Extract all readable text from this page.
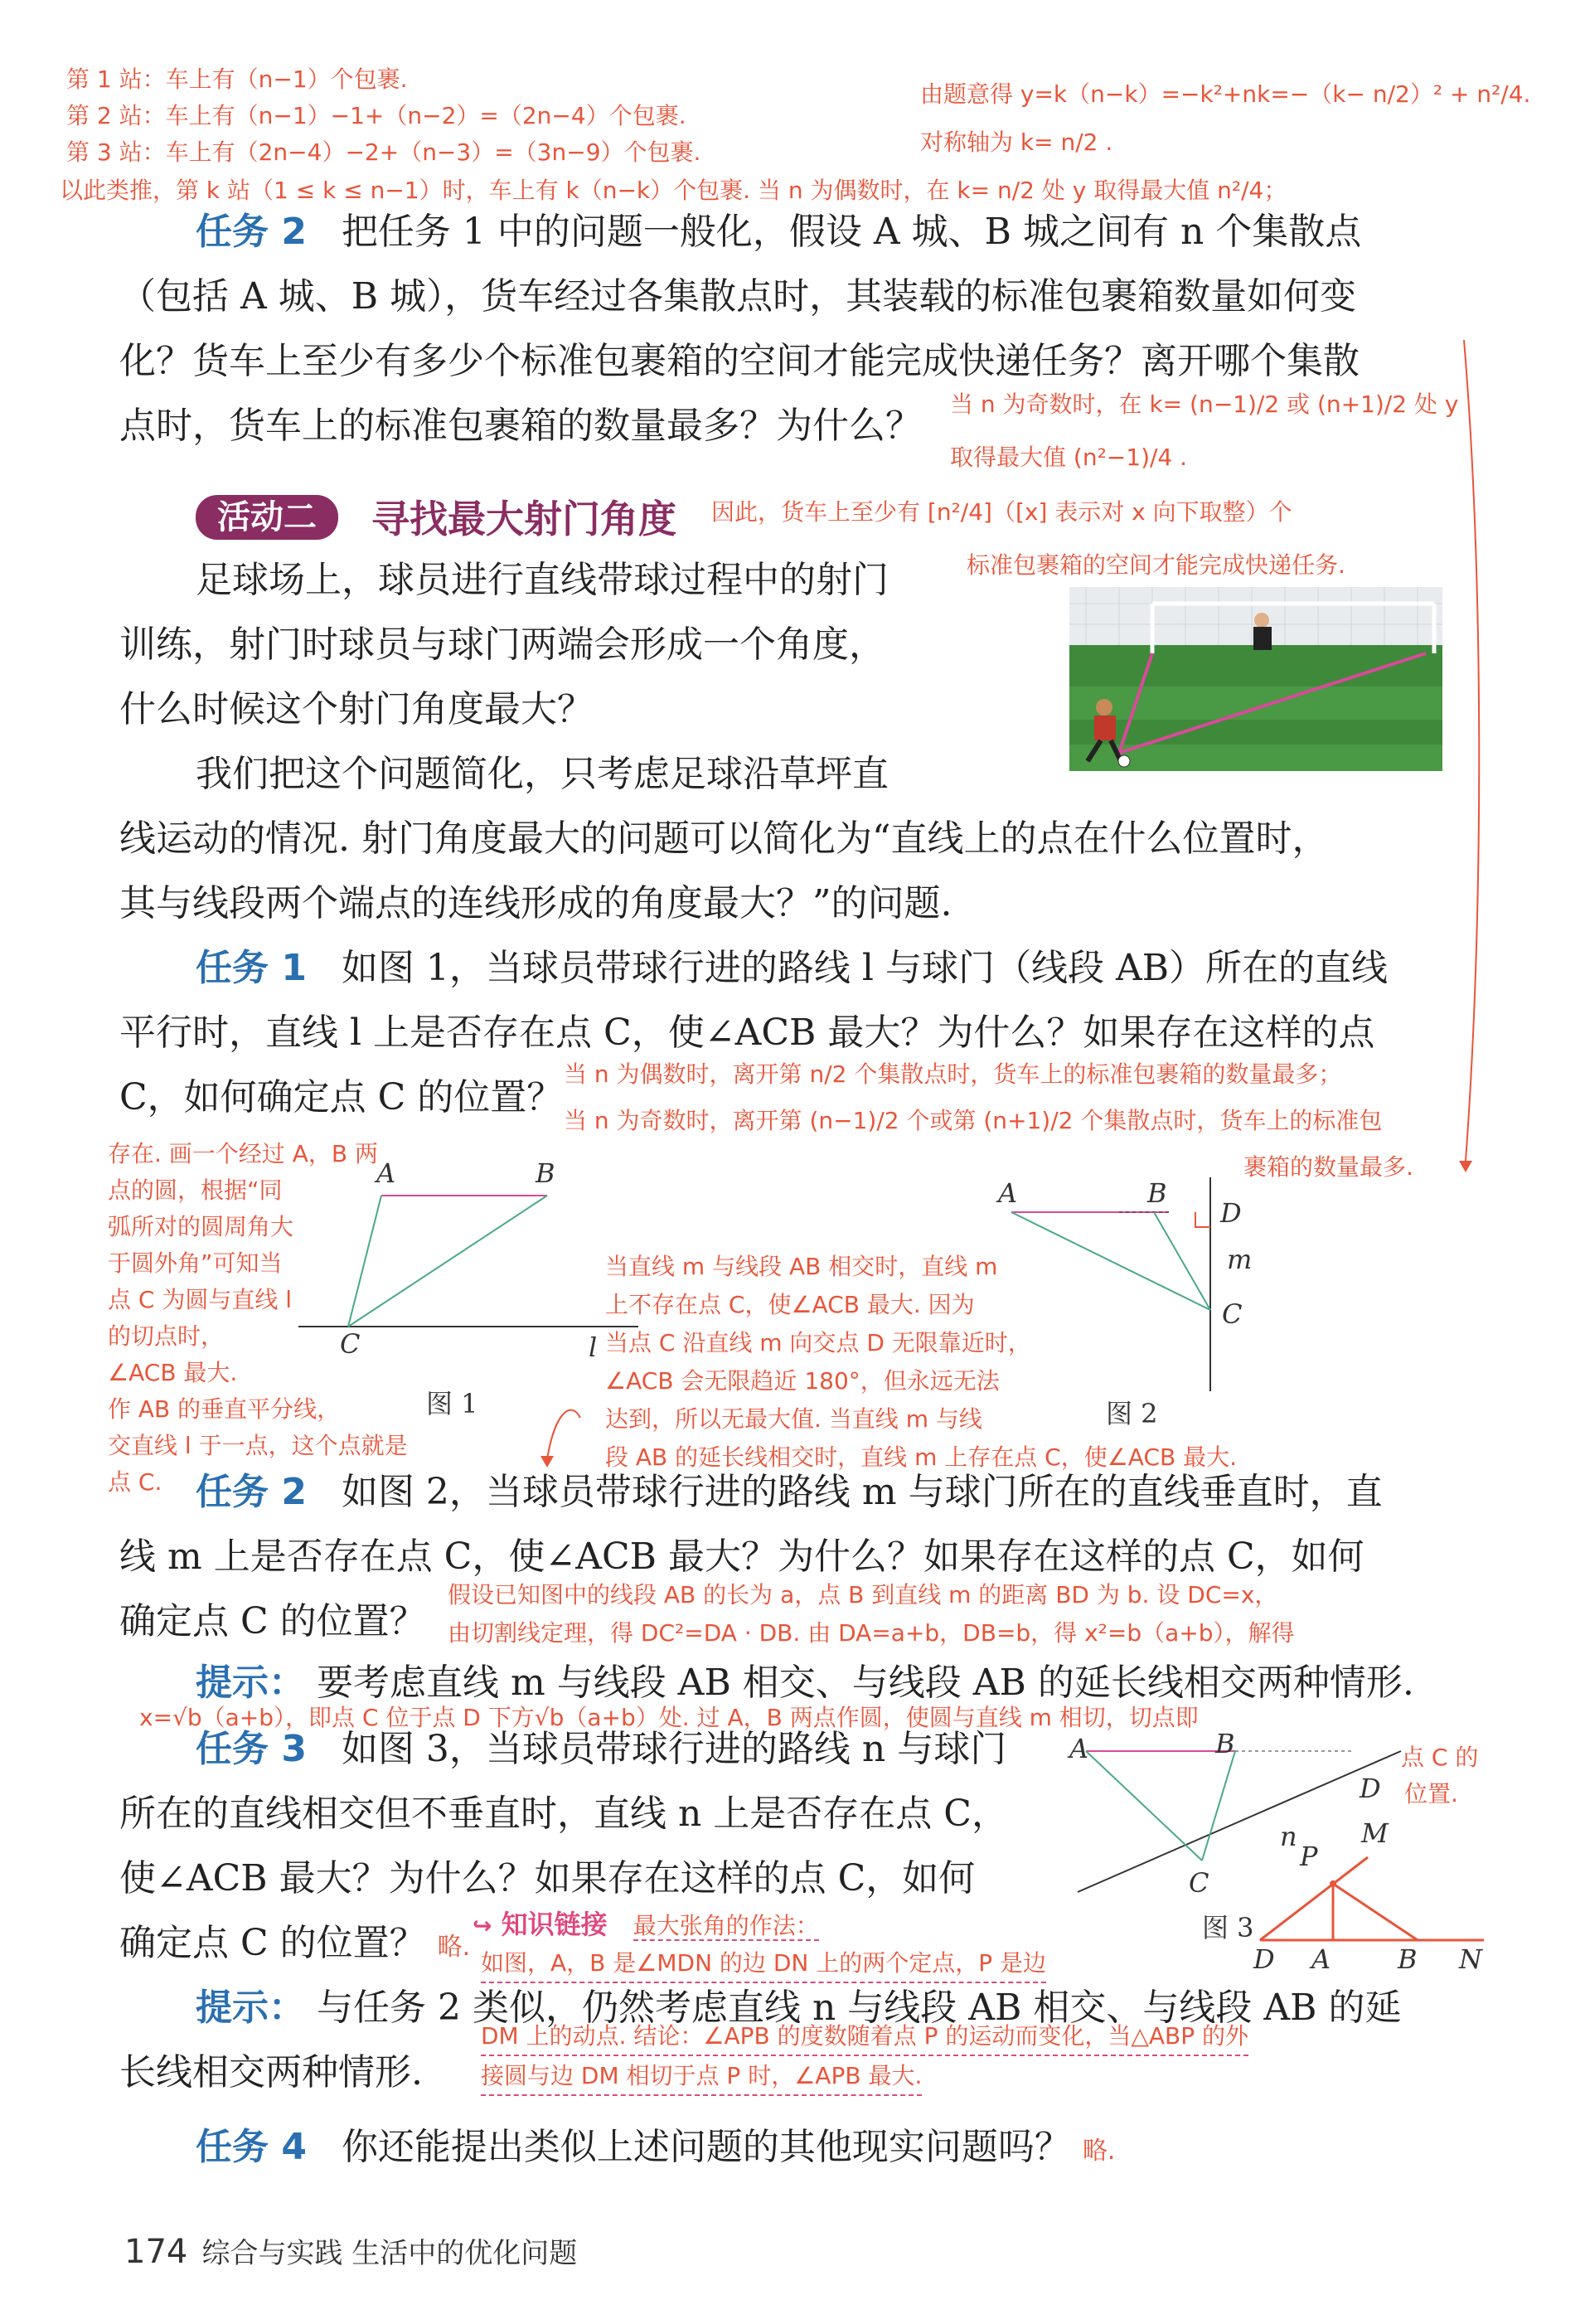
第 1 站：车上有（n−1）个包裹.
第 2 站：车上有（n−1）−1+（n−2）=（2n−4）个包裹.
第 3 站：车上有（2n−4）−2+（n−3）=（3n−9）个包裹.
以此类推，第 k 站（1 ≤ k ≤ n−1）时，车上有 k（n−k）个包裹. 当 n 为偶数时，在 k= n/2 处 y 取得最大值 n²/4；
由题意得 y=k（n−k）=−k²+nk=−（k− n/2）² + n²/4.
对称轴为 k= n/2 .
任务 2 把任务 1 中的问题一般化，假设 A 城、B 城之间有 n 个集散点
（包括 A 城、B 城），货车经过各集散点时，其装载的标准包裹箱数量如何变
化？货车上至少有多少个标准包裹箱的空间才能完成快递任务？离开哪个集散
点时，货车上的标准包裹箱的数量最多？为什么？
当 n 为奇数时，在 k= (n−1)/2 或 (n+1)/2 处 y
取得最大值 (n²−1)/4 .
活动二	寻找最大射门角度 因此，货车上至少有 [n²/4]（[x] 表示对 x 向下取整）个
标准包裹箱的空间才能完成快递任务.
足球场上，球员进行直线带球过程中的射门
训练，射门时球员与球门两端会形成一个角度，
什么时候这个射门角度最大？
我们把这个问题简化，只考虑足球沿草坪直
线运动的情况. 射门角度最大的问题可以简化为“直线上的点在什么位置时，
其与线段两个端点的连线形成的角度最大？”的问题.
任务 1 如图 1，当球员带球行进的路线 l 与球门（线段 AB）所在的直线
平行时，直线 l 上是否存在点 C，使∠ACB 最大？为什么？如果存在这样的点
C，如何确定点 C 的位置？
当 n 为偶数时，离开第 n/2 个集散点时，货车上的标准包裹箱的数量最多；
当 n 为奇数时，离开第 (n−1)/2 个或第 (n+1)/2 个集散点时，货车上的标准包
裹箱的数量最多.
存在. 画一个经过 A，B 两
点的圆，根据“同
弧所对的圆周角大
于圆外角”可知当
点 C 为圆与直线 l
的切点时，
∠ACB 最大.
作 AB 的垂直平分线，
交直线 l 于一点，这个点就是
点 C.
A	B
C	l
图 1
A	B
D
m
C
图 2
当直线 m 与线段 AB 相交时，直线 m
上不存在点 C，使∠ACB 最大. 因为
当点 C 沿直线 m 向交点 D 无限靠近时，
∠ACB 会无限趋近 180°，但永远无法
达到，所以无最大值. 当直线 m 与线
段 AB 的延长线相交时，直线 m 上存在点 C，使∠ACB 最大.
任务 2 如图 2，当球员带球行进的路线 m 与球门所在的直线垂直时，直
线 m 上是否存在点 C，使∠ACB 最大？为什么？如果存在这样的点 C，如何
确定点 C 的位置？
假设已知图中的线段 AB 的长为 a，点 B 到直线 m 的距离 BD 为 b. 设 DC=x，
由切割线定理，得 DC²=DA · DB. 由 DA=a+b，DB=b，得 x²=b（a+b），解得
提示： 要考虑直线 m 与线段 AB 相交、与线段 AB 的延长线相交两种情形.
x=√b（a+b），即点 C 位于点 D 下方√b（a+b）处. 过 A，B 两点作圆，使圆与直线 m 相切，切点即
点 C 的
位置.
任务 3 如图 3，当球员带球行进的路线 n 与球门
所在的直线相交但不垂直时，直线 n 上是否存在点 C，
使∠ACB 最大？为什么？如果存在这样的点 C，如何
确定点 C 的位置？ 略.
A	B
D
n
C
图 3
P
M
D A	B N
↪ 知识链接 最大张角的作法：
如图，A，B 是∠MDN 的边 DN 上的两个定点，P 是边
提示： 与任务 2 类似，仍然考虑直线 n 与线段 AB 相交、与线段 AB 的延
长线相交两种情形.
DM 上的动点. 结论：∠APB 的度数随着点 P 的运动而变化，当△ABP 的外
接圆与边 DM 相切于点 P 时，∠APB 最大.
任务 4 你还能提出类似上述问题的其他现实问题吗？ 略.
174 综合与实践 生活中的优化问题
